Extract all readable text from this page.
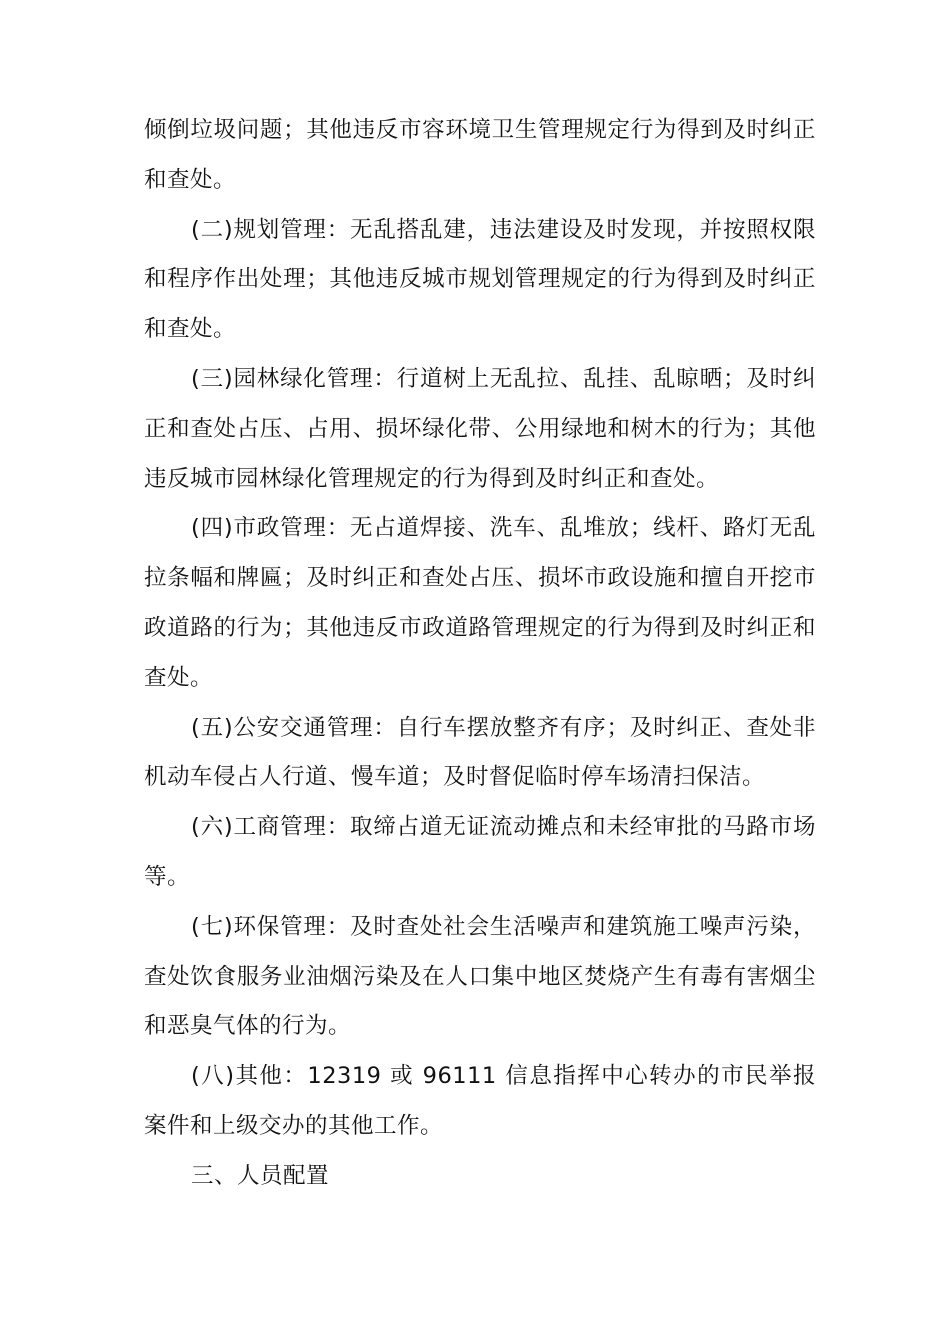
倾倒垃圾问题；其他违反市容环境卫生管理规定行为得到及时纠正和查处。

(二)规划管理：无乱搭乱建，违法建设及时发现，并按照权限和程序作出处理；其他违反城市规划管理规定的行为得到及时纠正和查处。

(三)园林绿化管理：行道树上无乱拉、乱挂、乱晾晒；及时纠正和查处占压、占用、损坏绿化带、公用绿地和树木的行为；其他违反城市园林绿化管理规定的行为得到及时纠正和查处。

(四)市政管理：无占道焊接、洗车、乱堆放；线杆、路灯无乱拉条幅和牌匾；及时纠正和查处占压、损坏市政设施和擅自开挖市政道路的行为；其他违反市政道路管理规定的行为得到及时纠正和查处。

(五)公安交通管理：自行车摆放整齐有序；及时纠正、查处非机动车侵占人行道、慢车道；及时督促临时停车场清扫保洁。

(六)工商管理：取缔占道无证流动摊点和未经审批的马路市场等。

(七)环保管理：及时查处社会生活噪声和建筑施工噪声污染，查处饮食服务业油烟污染及在人口集中地区焚烧产生有毒有害烟尘和恶臭气体的行为。

(八)其他：12319 或 96111 信息指挥中心转办的市民举报案件和上级交办的其他工作。

三、人员配置
